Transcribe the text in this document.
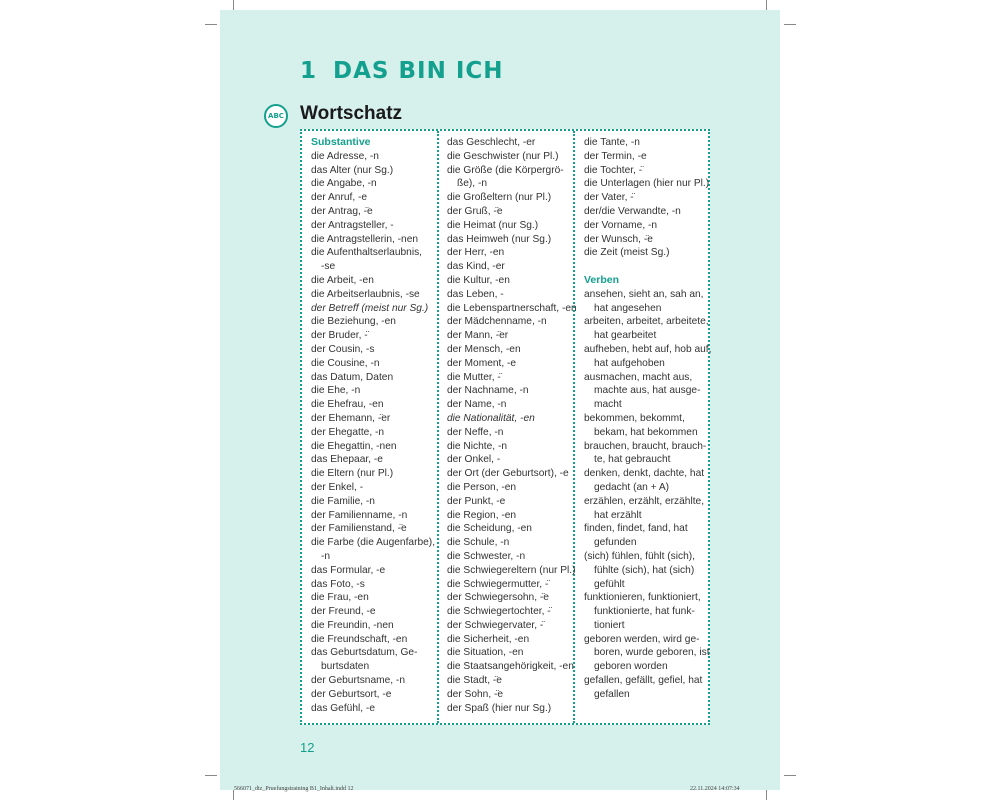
1 DAS BIN ICH
ABC Wortschatz
Substantive
die Adresse, -n
das Alter (nur Sg.)
die Angabe, -n
der Anruf, -e
der Antrag, -̈e
der Antragsteller, -
die Antragstellerin, -nen
die Aufenthaltserlaubnis,
-se
die Arbeit, -en
die Arbeitserlaubnis, -se
der Betreff (meist nur Sg.)
die Beziehung, -en
der Bruder, -̈
der Cousin, -s
die Cousine, -n
das Datum, Daten
die Ehe, -n
die Ehefrau, -en
der Ehemann, -̈er
der Ehegatte, -n
die Ehegattin, -nen
das Ehepaar, -e
die Eltern (nur Pl.)
der Enkel, -
die Familie, -n
der Familienname, -n
der Familienstand, -̈e
die Farbe (die Augenfarbe),
-n
das Formular, -e
das Foto, -s
die Frau, -en
der Freund, -e
die Freundin, -nen
die Freundschaft, -en
das Geburtsdatum, Ge-
burtsdaten
der Geburtsname, -n
der Geburtsort, -e
das Gefühl, -e
das Geschlecht, -er
die Geschwister (nur Pl.)
die Größe (die Körpergrö-
ße), -n
die Großeltern (nur Pl.)
der Gruß, -̈e
die Heimat (nur Sg.)
das Heimweh (nur Sg.)
der Herr, -en
das Kind, -er
die Kultur, -en
das Leben, -
die Lebenspartnerschaft, -en
der Mädchenname, -n
der Mann, -̈er
der Mensch, -en
der Moment, -e
die Mutter, -̈
der Nachname, -n
der Name, -n
die Nationalität, -en
der Neffe, -n
die Nichte, -n
der Onkel, -
der Ort (der Geburtsort), -e
die Person, -en
der Punkt, -e
die Region, -en
die Scheidung, -en
die Schule, -n
die Schwester, -n
die Schwiegereltern (nur Pl.)
die Schwiegermutter, -̈
der Schwiegersohn, -̈e
die Schwiegertochter, -̈
der Schwiegervater, -̈
die Sicherheit, -en
die Situation, -en
die Staatsangehörigkeit, -en
die Stadt, -̈e
der Sohn, -̈e
der Spaß (hier nur Sg.)
die Tante, -n
der Termin, -e
die Tochter, -̈
die Unterlagen (hier nur Pl.)
der Vater, -̈
der/die Verwandte, -n
der Vorname, -n
der Wunsch, -̈e
die Zeit (meist Sg.)
Verben
ansehen, sieht an, sah an,
hat angesehen
arbeiten, arbeitet, arbeitete,
hat gearbeitet
aufheben, hebt auf, hob auf,
hat aufgehoben
ausmachen, macht aus,
machte aus, hat ausge-
macht
bekommen, bekommt,
bekam, hat bekommen
brauchen, braucht, brauch-
te, hat gebraucht
denken, denkt, dachte, hat
gedacht (an + A)
erzählen, erzählt, erzählte,
hat erzählt
finden, findet, fand, hat
gefunden
(sich) fühlen, fühlt (sich),
fühlte (sich), hat (sich)
gefühlt
funktionieren, funktioniert,
funktionierte, hat funk-
tioniert
geboren werden, wird ge-
boren, wurde geboren, ist
geboren worden
gefallen, gefällt, gefiel, hat
gefallen
12
566071_dtz_Pruefungstraining B1_Inhalt.indd 12	22.11.2024 14:07:34
